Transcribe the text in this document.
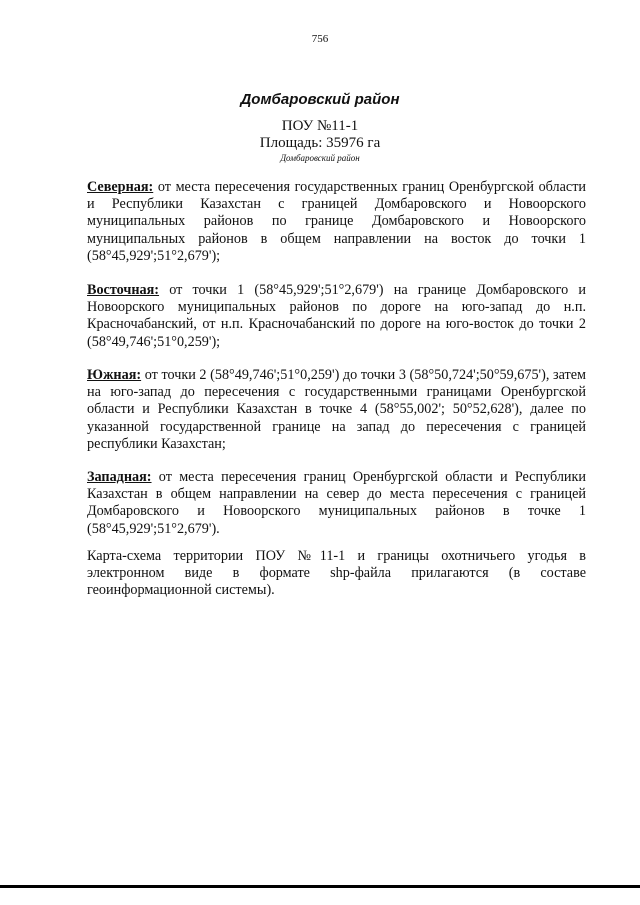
756
Домбаровский район
ПОУ №11-1
Площадь: 35976 га
Домбаровский район

Северная: от места пересечения государственных границ Оренбургской области и Республики Казахстан с границей Домбаровского и Новоорского муниципальных районов по границе Домбаровского и Новоорского муниципальных районов в общем направлении на восток до точки 1 (58°45,929';51°2,679');

Восточная: от точки 1 (58°45,929';51°2,679') на границе Домбаровского и Новоорского муниципальных районов по дороге на юго-запад до н.п. Красночабанский, от н.п. Красночабанский по дороге на юго-восток до точки 2 (58°49,746';51°0,259');

Южная: от точки 2 (58°49,746';51°0,259') до точки 3 (58°50,724';50°59,675'), затем на юго-запад до пересечения с государственными границами Оренбургской области и Республики Казахстан в точке 4 (58°55,002'; 50°52,628'), далее по указанной государственной границе на запад до пересечения с границей республики Казахстан;

Западная: от места пересечения границ Оренбургской области и Республики Казахстан в общем направлении на север до места пересечения с границей Домбаровского и Новоорского муниципальных районов в точке 1 (58°45,929';51°2,679').

Карта-схема территории ПОУ №11-1 и границы охотничьего угодья в электронном виде в формате shp-файла прилагаются (в составе геоинформационной системы).
